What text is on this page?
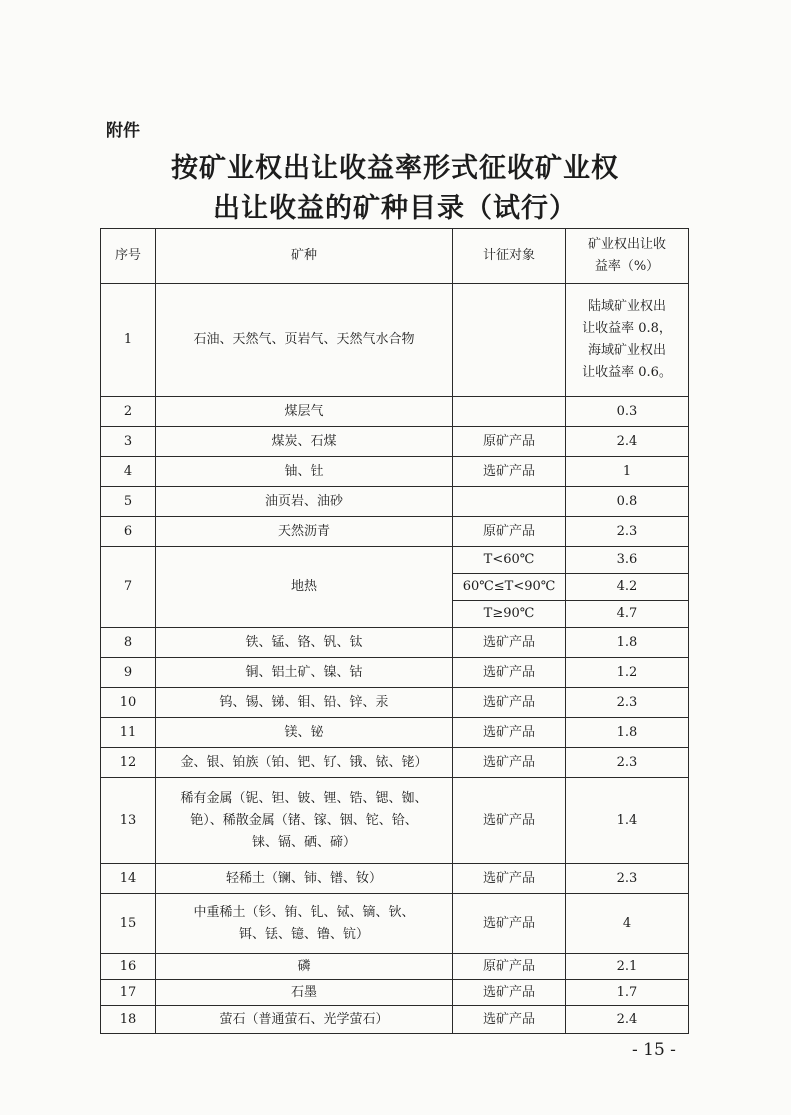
附件
按矿业权出让收益率形式征收矿业权
出让收益的矿种目录（试行）
序号	矿种	计征对象	矿业权出让收
益率（%）

1	石油、天然气、页岩气、天然气水合物		陆域矿业权出
让收益率 0.8，
海域矿业权出
让收益率 0.6。

2	煤层气		0.3
3	煤炭、石煤	原矿产品	2.4
4	铀、钍	选矿产品	1
5	油页岩、油砂		0.8
6	天然沥青	原矿产品	2.3
7	地热	T<60℃	3.6
		60℃≤T<90℃	4.2
		T≥90℃	4.7
8	铁、锰、铬、钒、钛	选矿产品	1.8
9	铜、铝土矿、镍、钴	选矿产品	1.2
10	钨、锡、锑、钼、铅、锌、汞	选矿产品	2.3
11	镁、铋	选矿产品	1.8
12	金、银、铂族（铂、钯、钌、锇、铱、铑）	选矿产品	2.3
13	稀有金属（铌、钽、铍、锂、锆、锶、铷、
铯）、稀散金属（锗、镓、铟、铊、铪、
铼、镉、硒、碲）	选矿产品	1.4
14	轻稀土（镧、铈、镨、钕）	选矿产品	2.3
15	中重稀土（钐、铕、钆、铽、镝、钬、
铒、铥、镱、镥、钪）	选矿产品	4
16	磷	原矿产品	2.1
17	石墨	选矿产品	1.7
18	萤石（普通萤石、光学萤石）	选矿产品	2.4
- 15 -
